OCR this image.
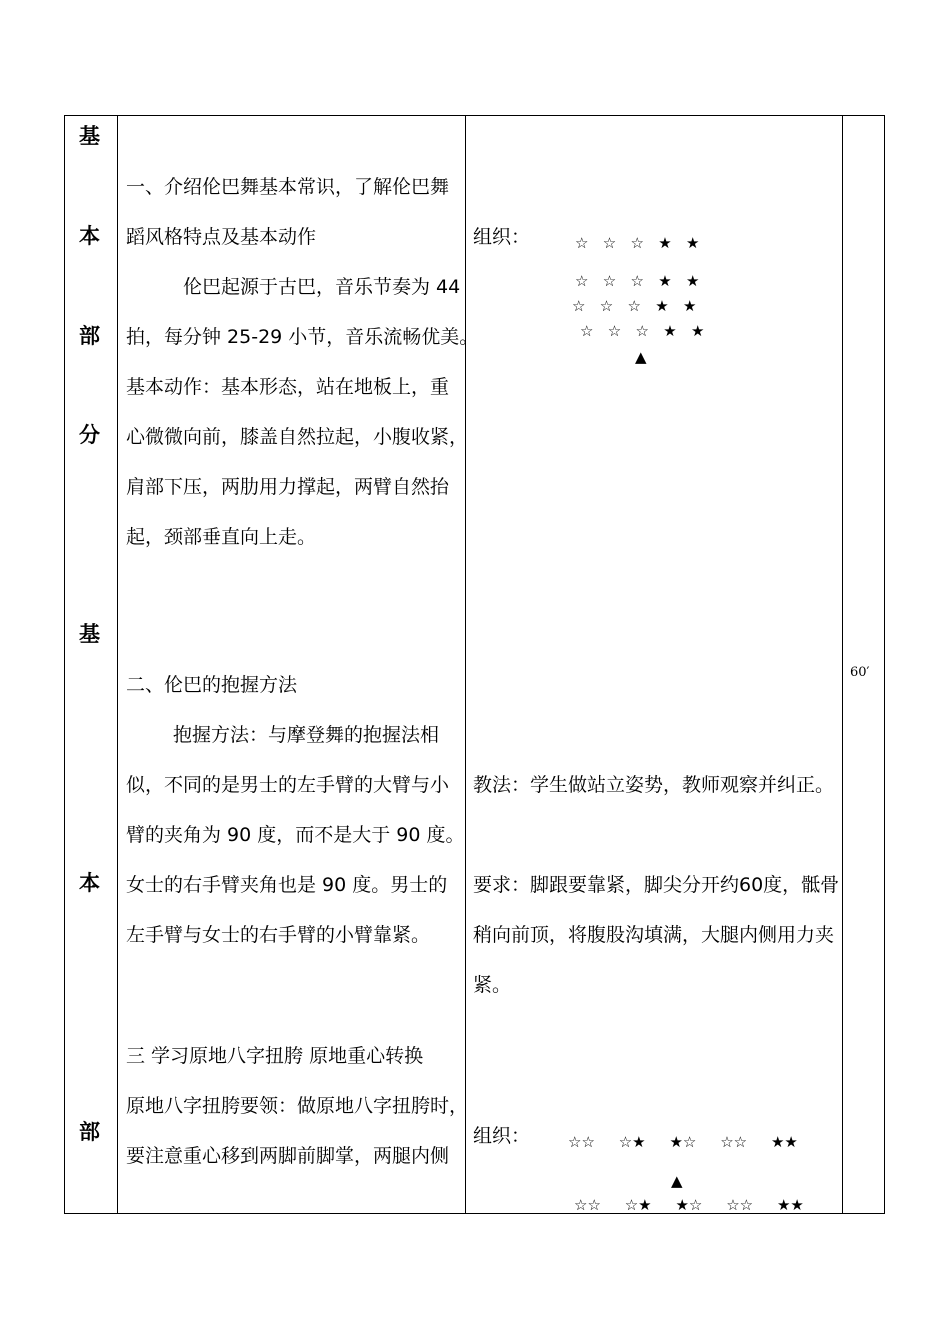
基
本
部
分
基
本
部
一、介绍伦巴舞基本常识，了解伦巴舞
蹈风格特点及基本动作
伦巴起源于古巴，音乐节奏为 44
拍，每分钟 25-29 小节，音乐流畅优美。
基本动作：基本形态，站在地板上，重
心微微向前，膝盖自然拉起，小腹收紧，
肩部下压，两肋用力撑起，两臂自然抬
起，颈部垂直向上走。
二、伦巴的抱握方法
抱握方法：与摩登舞的抱握法相
似，不同的是男士的左手臂的大臂与小
臂的夹角为 90 度，而不是大于 90 度。
女士的右手臂夹角也是 90 度。男士的
左手臂与女士的右手臂的小臂靠紧。
三 学习原地八字扭胯 原地重心转换
原地八字扭胯要领：做原地八字扭胯时，
要注意重心移到两脚前脚掌，两腿内侧
组织：	☆   ☆   ☆   ★   ★
☆   ☆   ☆   ★   ★
☆   ☆   ☆   ★   ★
☆   ☆   ☆   ★   ★
▲
教法：学生做站立姿势，教师观察并纠正。
要求：脚跟要靠紧，脚尖分开约60度，骶骨
稍向前顶，将腹股沟填满，大腿内侧用力夹
紧。
组织：	☆☆     ☆★     ★☆     ☆☆     ★★
▲
☆☆     ☆★     ★☆     ☆☆     ★★
60′
